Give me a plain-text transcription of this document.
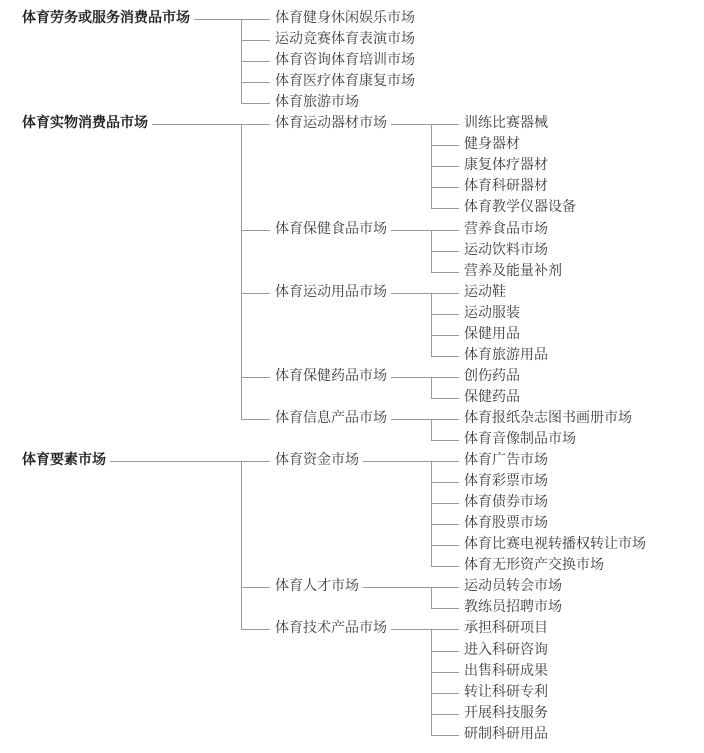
体育劳务或服务消费品市场	体育健身休闲娱乐市场
运动竞赛体育表演市场
体育咨询体育培训市场
体育医疗体育康复市场
体育旅游市场
体育实物消费品市场	体育运动器材市场	训练比赛器械
健身器材
康复体疗器材
体育科研器材
体育教学仪器设备
体育保健食品市场	营养食品市场
运动饮料市场
营养及能量补剂
体育运动用品市场	运动鞋
运动服装
保健用品
体育旅游用品
体育保健药品市场	创伤药品
保健药品
体育信息产品市场	体育报纸杂志图书画册市场
体育音像制品市场
体育要素市场	体育资金市场	体育广告市场
体育彩票市场
体育债券市场
体育股票市场
体育比赛电视转播权转让市场
体育无形资产交换市场
体育人才市场	运动员转会市场
教练员招聘市场
体育技术产品市场	承担科研项目
进入科研咨询
出售科研成果
转让科研专利
开展科技服务
研制科研用品
